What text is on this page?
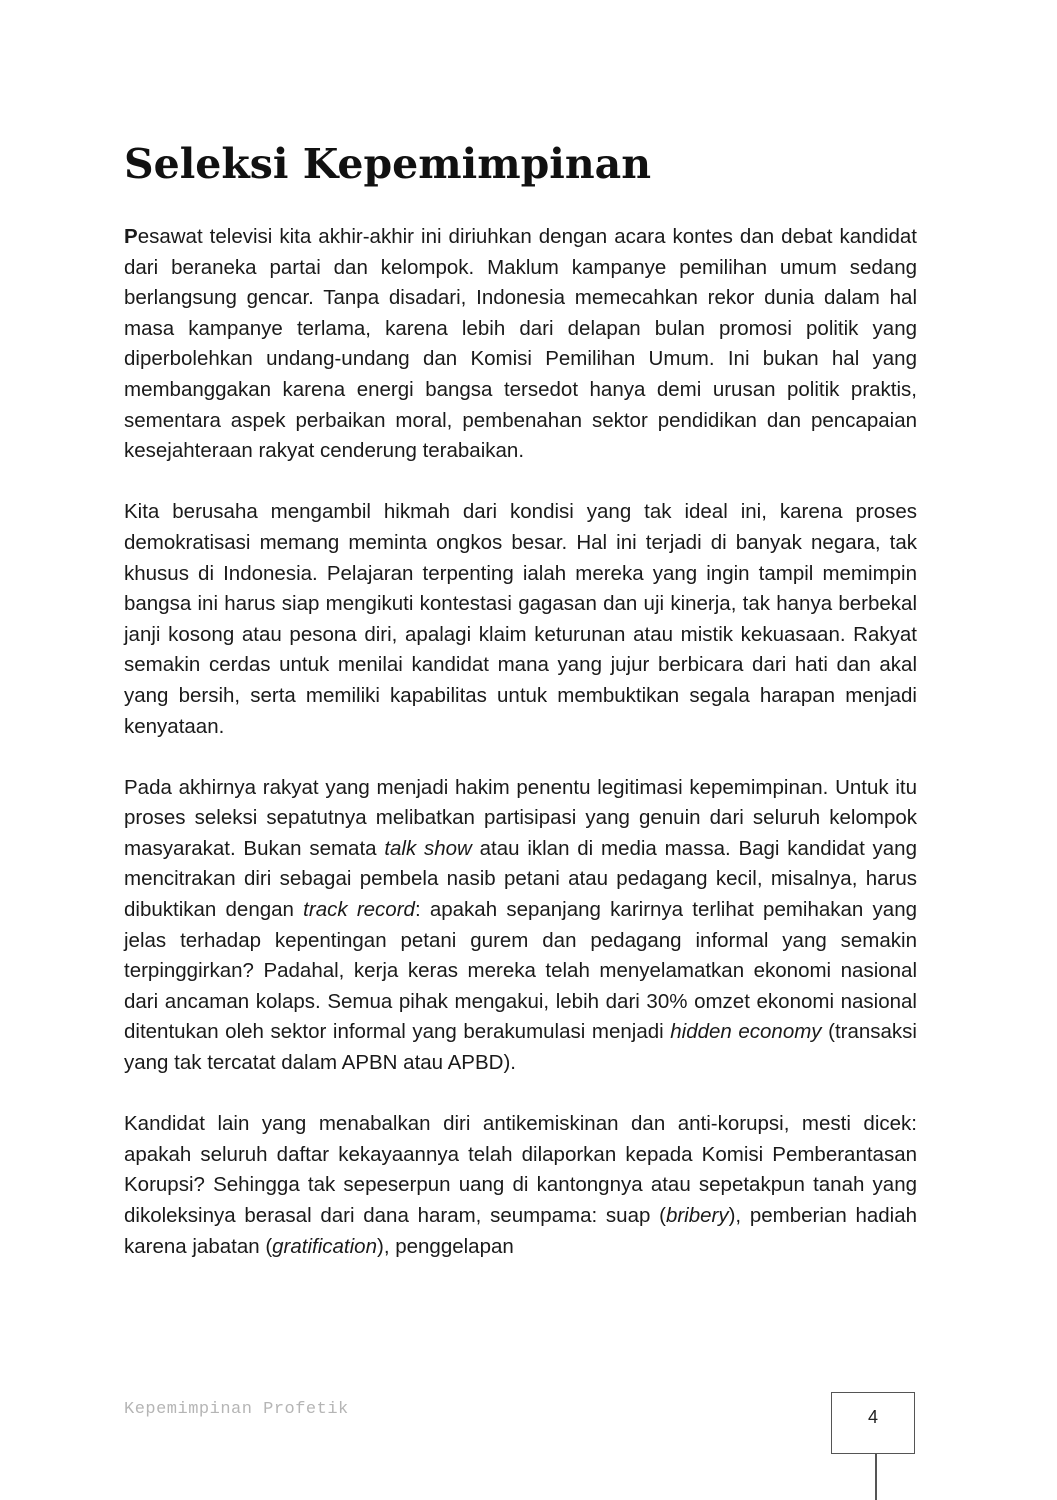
Seleksi Kepemimpinan

Pesawat televisi kita akhir-akhir ini diriuhkan dengan acara kontes dan debat kandidat dari beraneka partai dan kelompok. Maklum kampanye pemilihan umum sedang berlangsung gencar. Tanpa disadari, Indonesia memecahkan rekor dunia dalam hal masa kampanye terlama, karena lebih dari delapan bulan promosi politik yang diperbolehkan undang-undang dan Komisi Pemilihan Umum. Ini bukan hal yang membanggakan karena energi bangsa tersedot hanya demi urusan politik praktis, sementara aspek perbaikan moral, pembenahan sektor pendidikan dan pencapaian kesejahteraan rakyat cenderung terabaikan.

Kita berusaha mengambil hikmah dari kondisi yang tak ideal ini, karena proses demokratisasi memang meminta ongkos besar. Hal ini terjadi di banyak negara, tak khusus di Indonesia. Pelajaran terpenting ialah mereka yang ingin tampil memimpin bangsa ini harus siap mengikuti kontestasi gagasan dan uji kinerja, tak hanya berbekal janji kosong atau pesona diri, apalagi klaim keturunan atau mistik kekuasaan. Rakyat semakin cerdas untuk menilai kandidat mana yang jujur berbicara dari hati dan akal yang bersih, serta memiliki kapabilitas untuk membuktikan segala harapan menjadi kenyataan.

Pada akhirnya rakyat yang menjadi hakim penentu legitimasi kepemimpinan. Untuk itu proses seleksi sepatutnya melibatkan partisipasi yang genuin dari seluruh kelompok masyarakat. Bukan semata talk show atau iklan di media massa. Bagi kandidat yang mencitrakan diri sebagai pembela nasib petani atau pedagang kecil, misalnya, harus dibuktikan dengan track record: apakah sepanjang karirnya terlihat pemihakan yang jelas terhadap kepentingan petani gurem dan pedagang informal yang semakin terpinggirkan? Padahal, kerja keras mereka telah menyelamatkan ekonomi nasional dari ancaman kolaps. Semua pihak mengakui, lebih dari 30% omzet ekonomi nasional ditentukan oleh sektor informal yang berakumulasi menjadi hidden economy (transaksi yang tak tercatat dalam APBN atau APBD).

Kandidat lain yang menabalkan diri antikemiskinan dan anti-korupsi, mesti dicek: apakah seluruh daftar kekayaannya telah dilaporkan kepada Komisi Pemberantasan Korupsi? Sehingga tak sepeserpun uang di kantongnya atau sepetakpun tanah yang dikoleksinya berasal dari dana haram, seumpama: suap (bribery), pemberian hadiah karena jabatan (gratification), penggelapan

Kepemimpinan Profetik	4
